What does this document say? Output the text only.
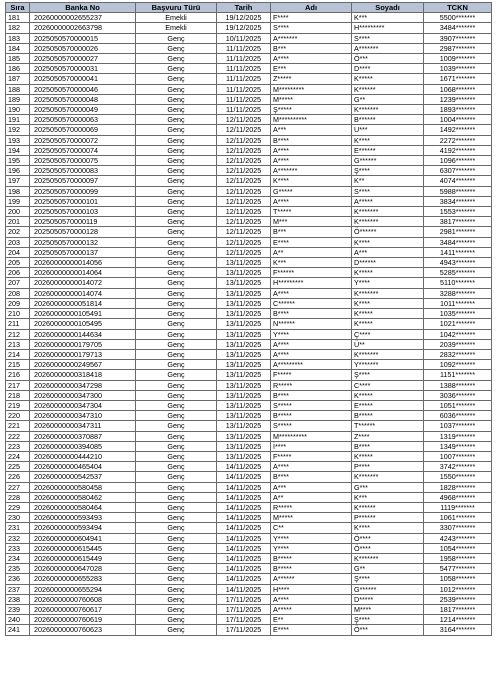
Sıra	Banka No	Başvuru Türü	Tarih	Adı	Soyadı	TCKN
181	20260000002655237	Emekli	19/12/2025	F****	K***	5500*******
182	20260000002663798	Emekli	19/12/2025	S****	H*********	3484*******
183	2025050570000015	Genç	10/11/2025	A*******	S****	3907*******
184	2025050570000026	Genç	11/11/2025	B***	A*******	2987*******
185	2025050570000027	Genç	11/11/2025	A****	Ö***	1009*******
186	2025050570000031	Genç	11/11/2025	E***	D****	1039*******
187	2025050570000041	Genç	11/11/2025	Z*****	K*****	1671*******
188	2025050570000046	Genç	11/11/2025	M*********	K******	1068*******
189	2025050570000048	Genç	11/11/2025	M*****	G**	1239*******
190	2025050570000049	Genç	11/11/2025	Ş*****	K*******	1893*******
191	2025050570000063	Genç	12/11/2025	M**********	B******	1004*******
192	2025050570000069	Genç	12/11/2025	A***	U***	1492*******
193	2025050570000072	Genç	12/11/2025	B****	K****	2272*******
194	2025050570000074	Genç	12/11/2025	A****	E******	4192*******
195	2025050570000075	Genç	12/11/2025	A****	G******	1096*******
196	2025050570000083	Genç	12/11/2025	A*******	Ş****	6307*******
197	2025050570000097	Genç	12/11/2025	K****	K**	4074*******
198	2025050570000099	Genç	12/11/2025	G*****	S****	5988*******
199	2025050570000101	Genç	12/11/2025	A****	A*****	3834*******
200	2025050570000103	Genç	12/11/2025	T*****	K*******	1553*******
201	2025050570000119	Genç	12/11/2025	M***	K*******	3817*******
202	2025050570000128	Genç	12/11/2025	B***	Ö******	2981*******
203	2025050570000132	Genç	12/11/2025	E****	K****	3484*******
204	2025050570000137	Genç	12/11/2025	A**	A***	1411*******
205	20260000000014056	Genç	13/11/2025	K***	D******	4943*******
206	20260000000014064	Genç	13/11/2025	F******	K*****	5285*******
207	20260000000014072	Genç	13/11/2025	H*********	Y****	5110*******
208	20260000000014074	Genç	13/11/2025	A****	K*******	3288*******
209	20260000000051814	Genç	13/11/2025	C******	K****	1011*******
210	20260000000105491	Genç	13/11/2025	B****	K*****	1035*******
211	20260000000105495	Genç	13/11/2025	N******	K*****	1021*******
212	20260000000144634	Genç	13/11/2025	Y****	Ç****	1042*******
213	20260000000179705	Genç	13/11/2025	A****	Ü**	2039*******
214	20260000000179713	Genç	13/11/2025	A****	K*******	2832*******
215	20260000000249567	Genç	13/11/2025	A*********	Y*******	1092*******
216	20260000000318418	Genç	13/11/2025	F*****	Ş****	1151*******
217	20260000000347298	Genç	13/11/2025	R*****	C****	1388*******
218	20260000000347300	Genç	13/11/2025	B****	K*****	3036*******
219	20260000000347304	Genç	13/11/2025	S*****	E*****	1051*******
220	20260000000347310	Genç	13/11/2025	B*****	B*****	6036*******
221	20260000000347311	Genç	13/11/2025	S*****	T******	1037*******
222	20260000000370887	Genç	13/11/2025	M**********	Z****	1319*******
223	20260000000394085	Genç	13/11/2025	İ****	B****	1349*******
224	20260000000444210	Genç	13/11/2025	F*****	K*****	1007*******
225	20260000000465404	Genç	14/11/2025	A****	P****	3742*******
226	20260000000542537	Genç	14/11/2025	B****	K*******	1550*******
227	20260000000580458	Genç	14/11/2025	A***	G***	1828*******
228	20260000000580462	Genç	14/11/2025	A**	K***	4968*******
229	20260000000580464	Genç	14/11/2025	R*****	K******	1119*******
230	20260000000593493	Genç	14/11/2025	M*****	P******	1061*******
231	20260000000593494	Genç	14/11/2025	C**	K****	3307*******
232	20260000000604941	Genç	14/11/2025	Y****	Ö****	4243*******
233	20260000000615445	Genç	14/11/2025	Y****	Ö****	1054*******
234	20260000000615449	Genç	14/11/2025	B*****	K*******	1958*******
235	20260000000647028	Genç	14/11/2025	B*****	G**	5477*******
236	20260000000655283	Genç	14/11/2025	A******	Ş****	1058*******
237	20260000000655294	Genç	14/11/2025	H****	G******	1012*******
238	20260000000760608	Genç	17/11/2025	A****	D*****	2539*******
239	20260000000760617	Genç	17/11/2025	A*****	M****	1817*******
240	20260000000760619	Genç	17/11/2025	E**	Ş****	1214*******
241	20260000000760623	Genç	17/11/2025	E****	Ö***	3164*******
